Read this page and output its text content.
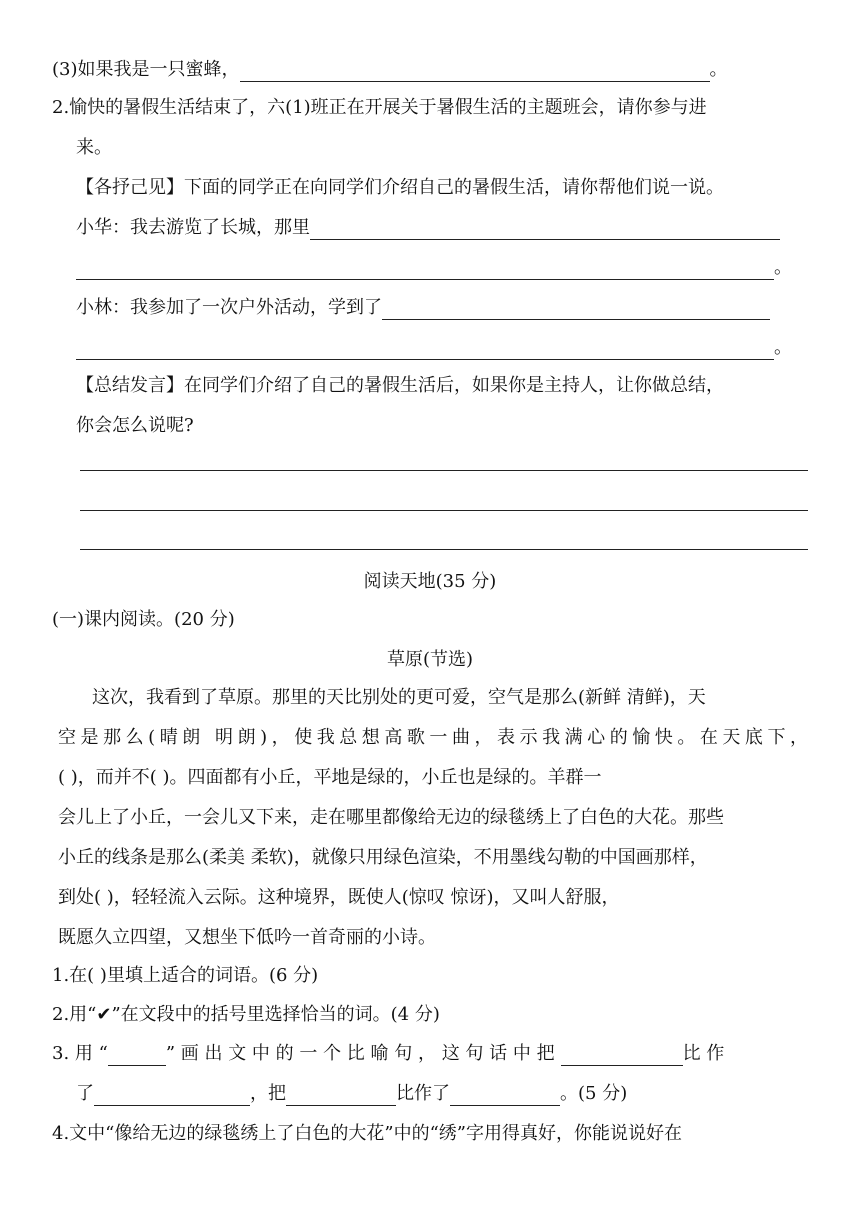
(3)如果我是一只蜜蜂，	。
2.愉快的暑假生活结束了，六(1)班正在开展关于暑假生活的主题班会，请你参与进
来。
【各抒己见】下面的同学正在向同学们介绍自己的暑假生活，请你帮他们说一说。
小华：我去游览了长城，那里
。
小林：我参加了一次户外活动，学到了
。
【总结发言】在同学们介绍了自己的暑假生活后，如果你是主持人，让你做总结，
你会怎么说呢?
阅读天地(35 分)
(一)课内阅读。(20 分)
草原(节选)
这次，我看到了草原。那里的天比别处的更可爱，空气是那么(新鲜 清鲜)，天
空是那么(晴朗 明朗)，使我总想高歌一曲，表示我满心的愉快。在天底下，
( )，而并不( )。四面都有小丘，平地是绿的，小丘也是绿的。羊群一
会儿上了小丘，一会儿又下来，走在哪里都像给无边的绿毯绣上了白色的大花。那些
小丘的线条是那么(柔美 柔软)，就像只用绿色渲染，不用墨线勾勒的中国画那样，
到处( )，轻轻流入云际。这种境界，既使人(惊叹 惊讶)，又叫人舒服，
既愿久立四望，又想坐下低吟一首奇丽的小诗。
1.在( )里填上适合的词语。(6 分)
2.用“✔”在文段中的括号里选择恰当的词。(4 分)
3. 用 “	” 画 出 文 中 的 一 个 比 喻 句 ， 这 句 话 中 把	比 作
了	，把	比作了	。(5 分)
4.文中“像给无边的绿毯绣上了白色的大花”中的“绣”字用得真好，你能说说好在
